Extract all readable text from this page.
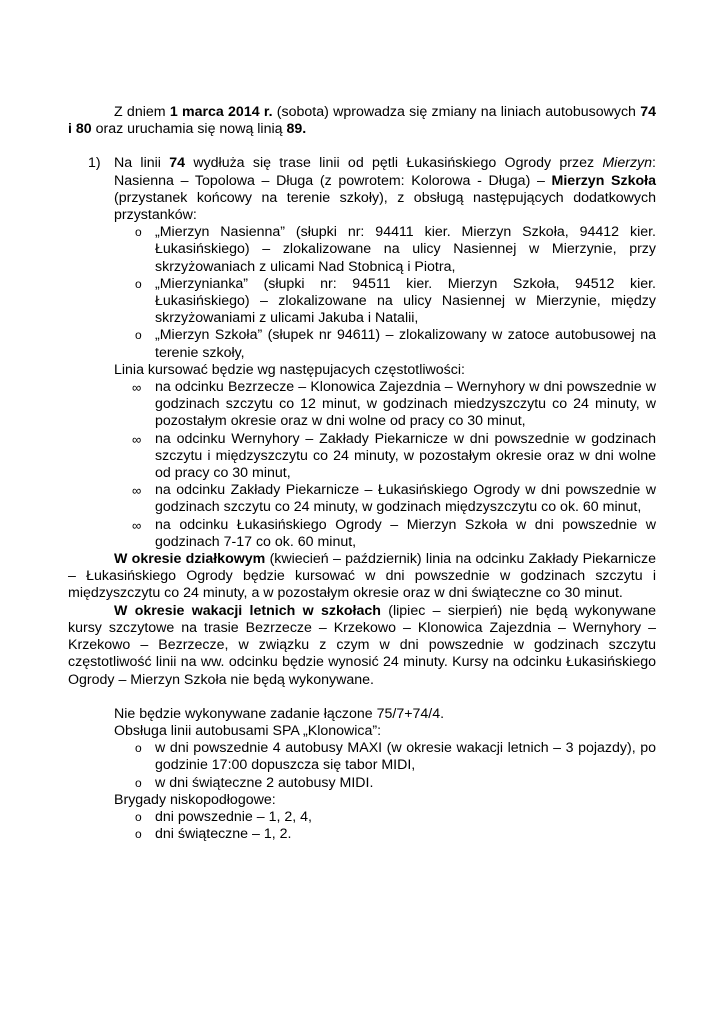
Z dniem 1 marca 2014 r. (sobota) wprowadza się zmiany na liniach autobusowych 74 i 80 oraz uruchamia się nową linią 89.

1) Na linii 74 wydłuża się trase linii od pętli Łukasińskiego Ogrody przez Mierzyn: Nasienna – Topolowa – Długa (z powrotem: Kolorowa - Długa) – Mierzyn Szkoła (przystanek końcowy na terenie szkoły), z obsługą następujących dodatkowych przystanków:

o „Mierzyn Nasienna” (słupki nr: 94411 kier. Mierzyn Szkoła, 94412 kier. Łukasińskiego) – zlokalizowane na ulicy Nasiennej w Mierzynie, przy skrzyżowaniach z ulicami Nad Stobnicą i Piotra,
o „Mierzynianka” (słupki nr: 94511 kier. Mierzyn Szkoła, 94512 kier. Łukasińskiego) – zlokalizowane na ulicy Nasiennej w Mierzynie, między skrzyżowaniami z ulicami Jakuba i Natalii,
o „Mierzyn Szkoła” (słupek nr 94611) – zlokalizowany w zatoce autobusowej na terenie szkoły,

Linia kursować będzie wg następujacych częstotliwości:

∞ na odcinku Bezrzecze – Klonowica Zajezdnia – Wernyhory w dni powszednie w godzinach szczytu co 12 minut, w godzinach miedzyszczytu co 24 minuty, w pozostałym okresie oraz w dni wolne od pracy co 30 minut,
∞ na odcinku Wernyhory – Zakłady Piekarnicze w dni powszednie w godzinach szczytu i międzyszczytu co 24 minuty, w pozostałym okresie oraz w dni wolne od pracy co 30 minut,
∞ na odcinku Zakłady Piekarnicze – Łukasińskiego Ogrody w dni powszednie w godzinach szczytu co 24 minuty, w godzinach międzyszczytu co ok. 60 minut,
∞ na odcinku Łukasińskiego Ogrody – Mierzyn Szkoła w dni powszednie w godzinach 7-17 co ok. 60 minut,

W okresie działkowym (kwiecień – październik) linia na odcinku Zakłady Piekarnicze – Łukasińskiego Ogrody będzie kursować w dni powszednie w godzinach szczytu i międzyszczytu co 24 minuty, a w pozostałym okresie oraz w dni świąteczne co 30 minut.

W okresie wakacji letnich w szkołach (lipiec – sierpień) nie będą wykonywane kursy szczytowe na trasie Bezrzecze – Krzekowo – Klonowica Zajezdnia – Wernyhory – Krzekowo – Bezrzecze, w związku z czym w dni powszednie w godzinach szczytu częstotliwość linii na ww. odcinku będzie wynosić 24 minuty. Kursy na odcinku Łukasińskiego Ogrody – Mierzyn Szkoła nie będą wykonywane.

Nie będzie wykonywane zadanie łączone 75/7+74/4.

Obsługa linii autobusami SPA „Klonowica”:

o w dni powszednie 4 autobusy MAXI (w okresie wakacji letnich – 3 pojazdy), po godzinie 17:00 dopuszcza się tabor MIDI,
o w dni świąteczne 2 autobusy MIDI.

Brygady niskopodłogowe:

o dni powszednie – 1, 2, 4,
o dni świąteczne – 1, 2.
